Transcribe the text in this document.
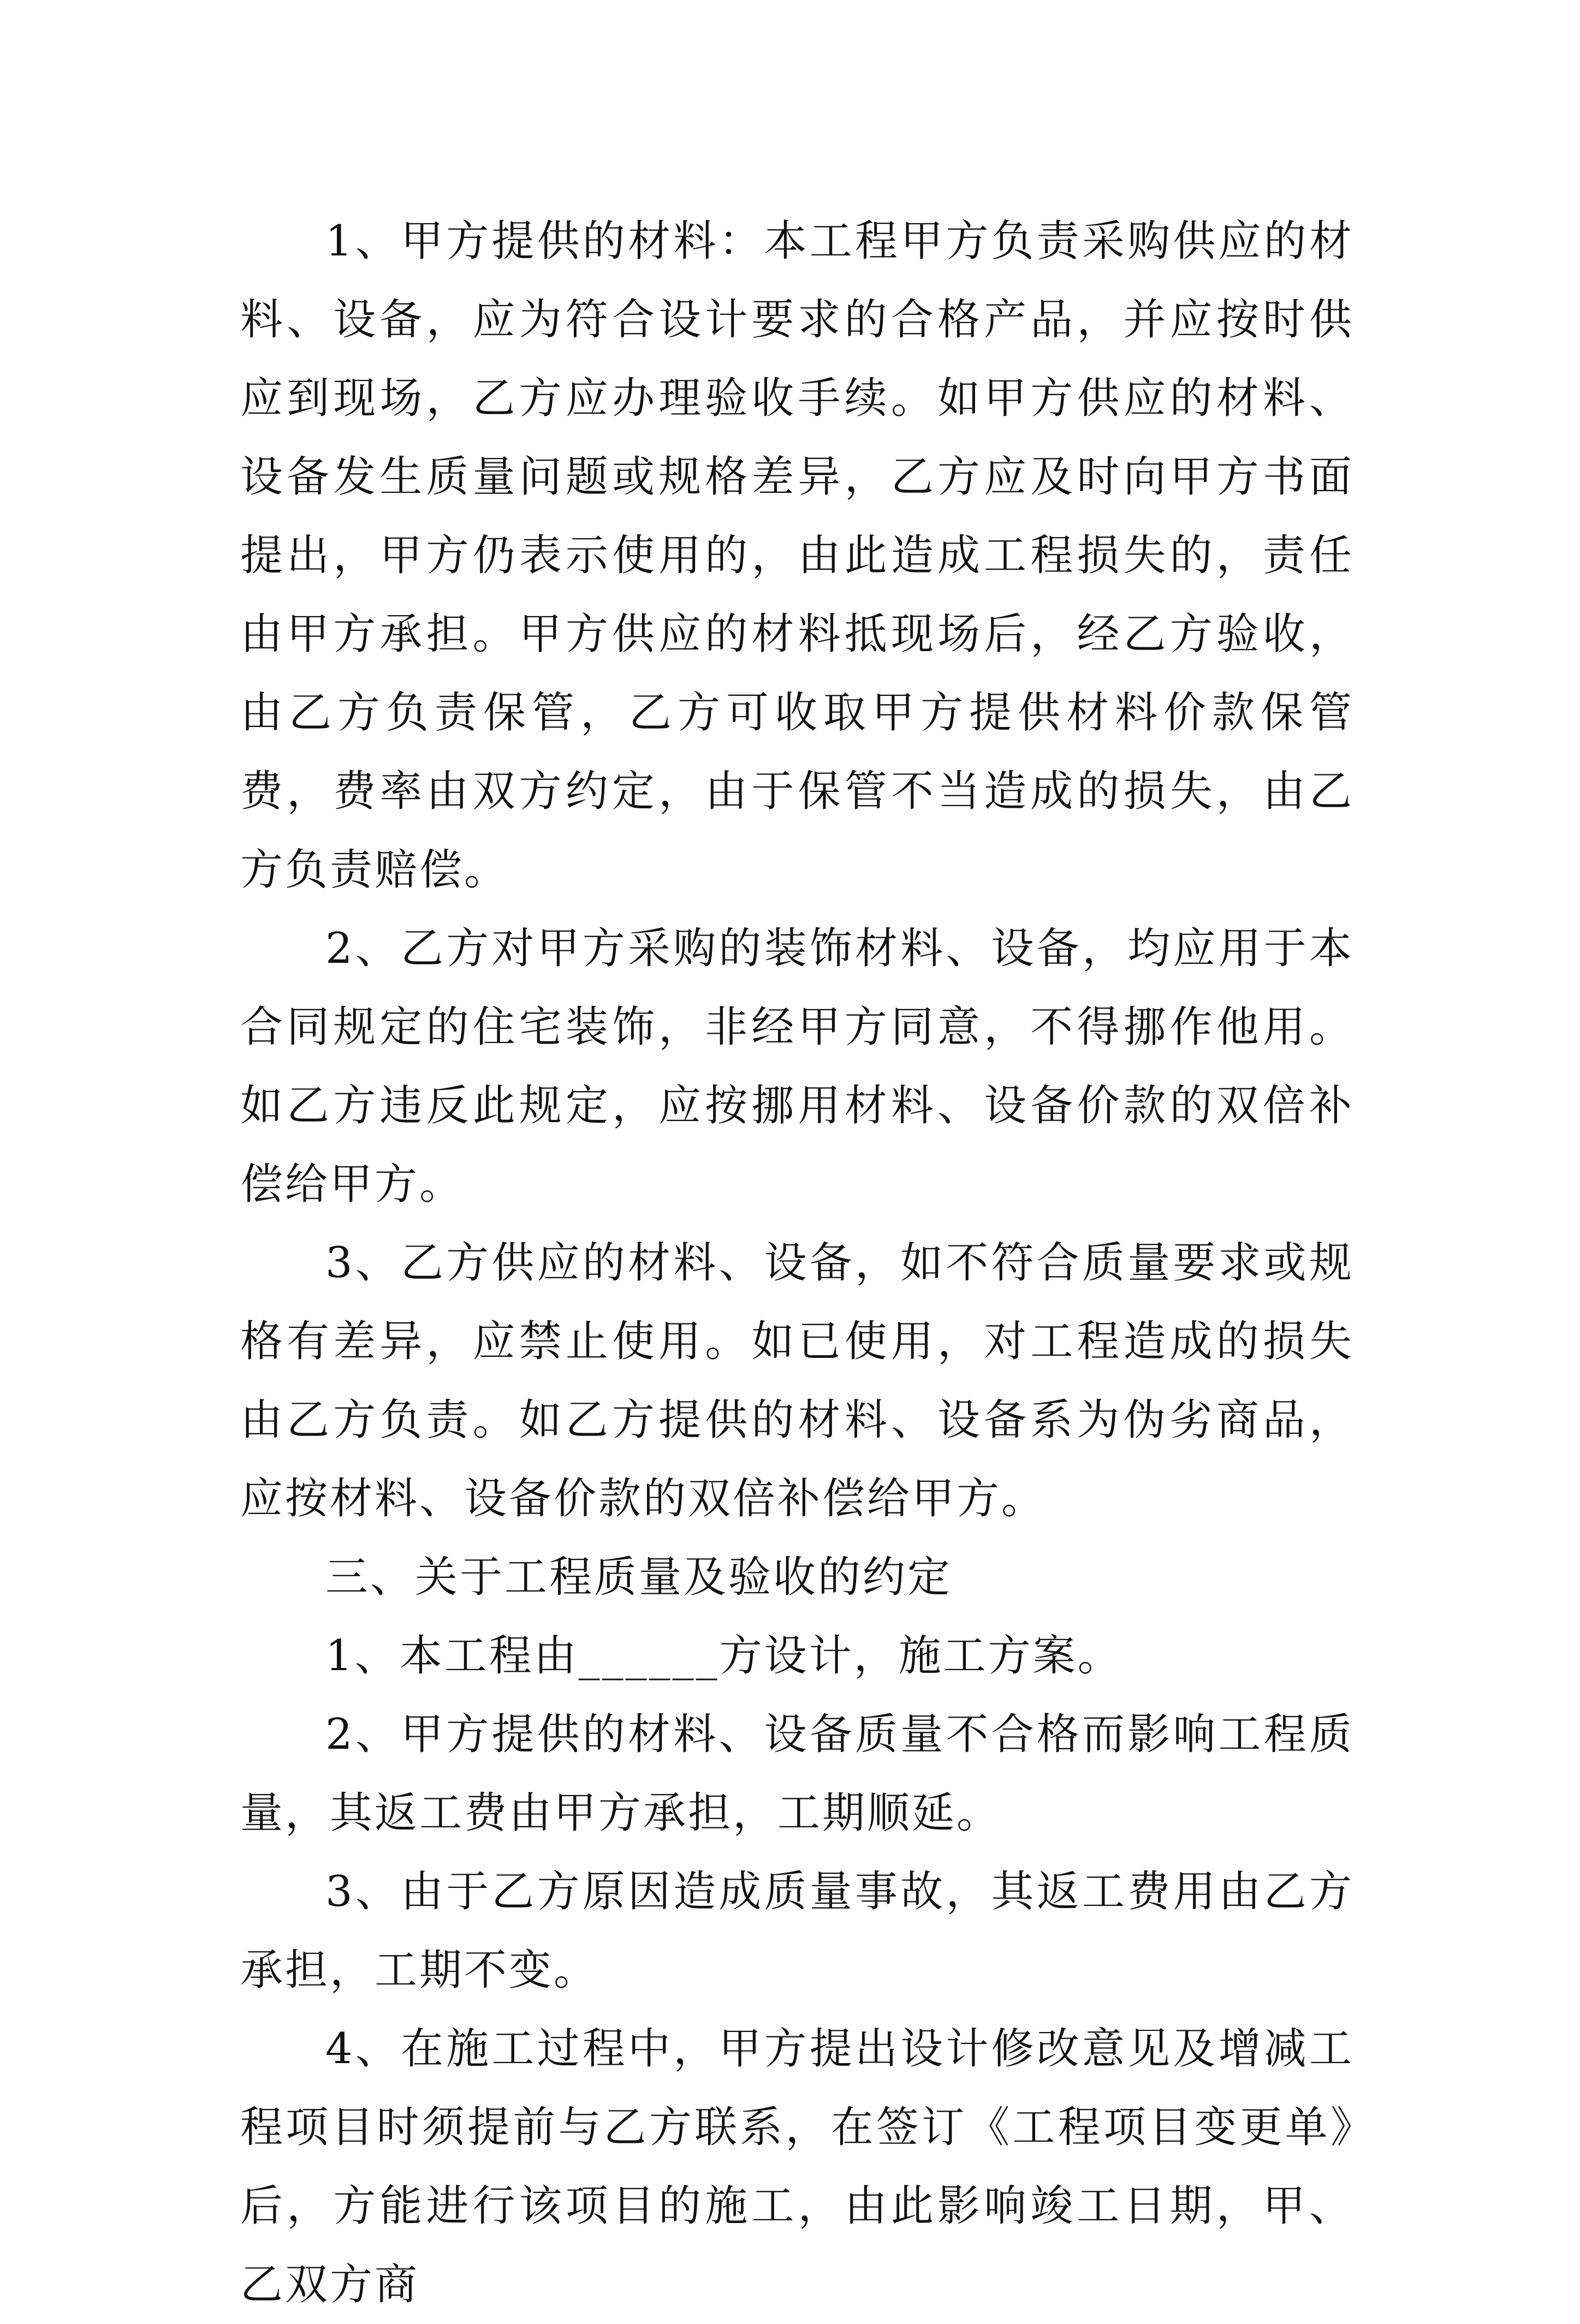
1、甲方提供的材料：本工程甲方负责采购供应的材料、设备，应为符合设计要求的合格产品，并应按时供应到现场，乙方应办理验收手续。如甲方供应的材料、设备发生质量问题或规格差异，乙方应及时向甲方书面提出，甲方仍表示使用的，由此造成工程损失的，责任由甲方承担。甲方供应的材料抵现场后，经乙方验收，由乙方负责保管，乙方可收取甲方提供材料价款保管费，费率由双方约定，由于保管不当造成的损失，由乙方负责赔偿。

2、乙方对甲方采购的装饰材料、设备，均应用于本合同规定的住宅装饰，非经甲方同意，不得挪作他用。如乙方违反此规定，应按挪用材料、设备价款的双倍补偿给甲方。

3、乙方供应的材料、设备，如不符合质量要求或规格有差异，应禁止使用。如已使用，对工程造成的损失由乙方负责。如乙方提供的材料、设备系为伪劣商品，应按材料、设备价款的双倍补偿给甲方。

三、关于工程质量及验收的约定

1、本工程由______方设计，施工方案。

2、甲方提供的材料、设备质量不合格而影响工程质量，其返工费由甲方承担，工期顺延。

3、由于乙方原因造成质量事故，其返工费用由乙方承担，工期不变。

4、在施工过程中，甲方提出设计修改意见及增减工程项目时须提前与乙方联系，在签订《工程项目变更单》后，方能进行该项目的施工，由此影响竣工日期，甲、乙双方商
